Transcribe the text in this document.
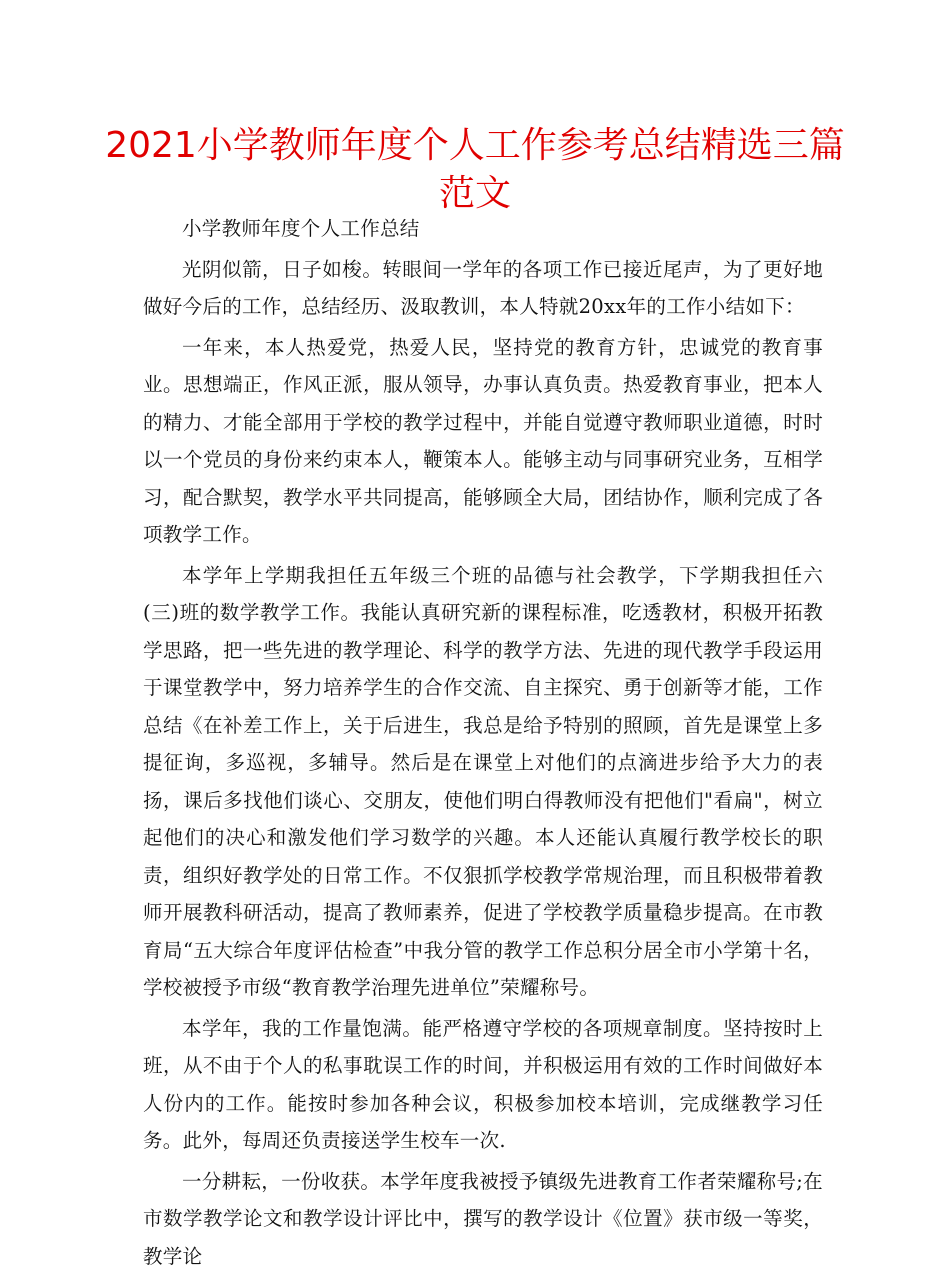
2021小学教师年度个人工作参考总结精选三篇
范文

小学教师年度个人工作总结

光阴似箭，日子如梭。转眼间一学年的各项工作已接近尾声，为了更好地做好今后的工作，总结经历、汲取教训，本人特就20xx年的工作小结如下：

一年来，本人热爱党，热爱人民，坚持党的教育方针，忠诚党的教育事业。思想端正，作风正派，服从领导，办事认真负责。热爱教育事业，把本人的精力、才能全部用于学校的教学过程中，并能自觉遵守教师职业道德，时时以一个党员的身份来约束本人，鞭策本人。能够主动与同事研究业务，互相学习，配合默契，教学水平共同提高，能够顾全大局，团结协作，顺利完成了各项教学工作。

本学年上学期我担任五年级三个班的品德与社会教学，下学期我担任六(三)班的数学教学工作。我能认真研究新的课程标准，吃透教材，积极开拓教学思路，把一些先进的教学理论、科学的教学方法、先进的现代教学手段运用于课堂教学中，努力培养学生的合作交流、自主探究、勇于创新等才能，工作总结《在补差工作上，关于后进生，我总是给予特别的照顾，首先是课堂上多提征询，多巡视，多辅导。然后是在课堂上对他们的点滴进步给予大力的表扬，课后多找他们谈心、交朋友，使他们明白得教师没有把他们"看扁"，树立起他们的决心和激发他们学习数学的兴趣。本人还能认真履行教学校长的职责，组织好教学处的日常工作。不仅狠抓学校教学常规治理，而且积极带着教师开展教科研活动，提高了教师素养，促进了学校教学质量稳步提高。在市教育局“五大综合年度评估检查”中我分管的教学工作总积分居全市小学第十名，学校被授予市级“教育教学治理先进单位”荣耀称号。

本学年，我的工作量饱满。能严格遵守学校的各项规章制度。坚持按时上班，从不由于个人的私事耽误工作的时间，并积极运用有效的工作时间做好本人份内的工作。能按时参加各种会议，积极参加校本培训，完成继教学习任务。此外，每周还负责接送学生校车一次.

一分耕耘，一份收获。本学年度我被授予镇级先进教育工作者荣耀称号;在市数学教学论文和教学设计评比中，撰写的教学设计《位置》获市级一等奖，教学论
